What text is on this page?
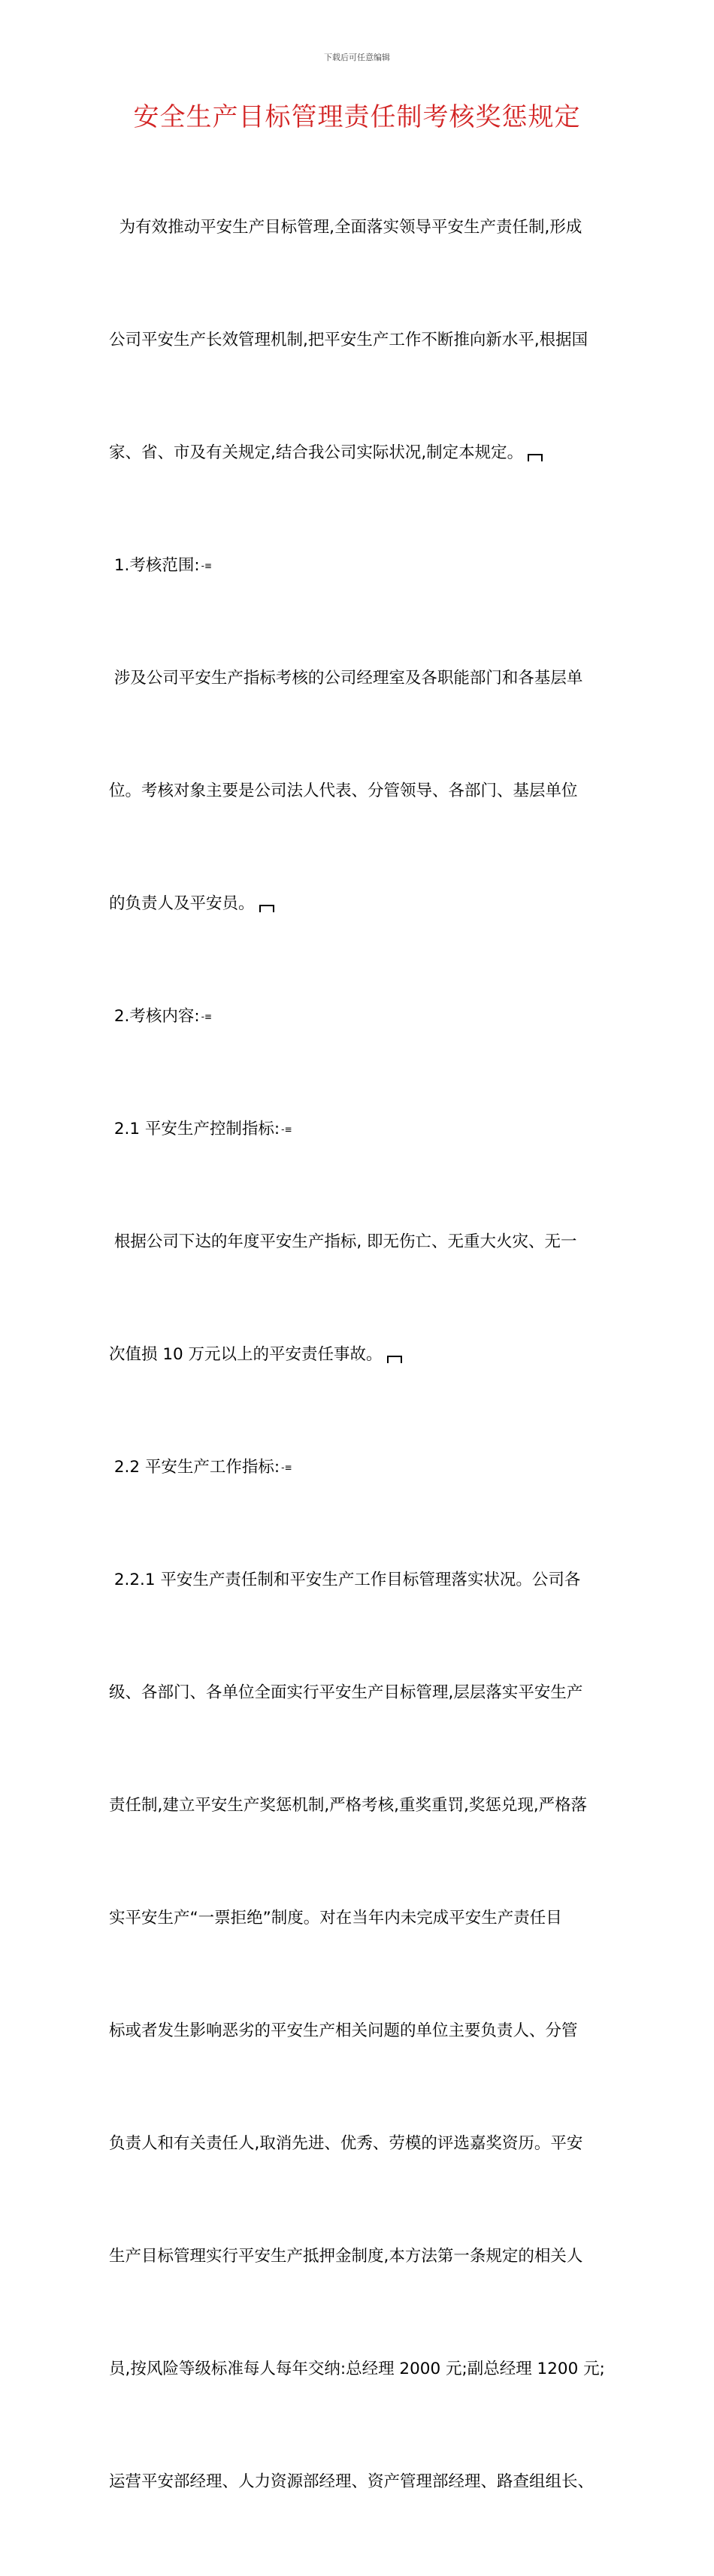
下载后可任意编辑
安全生产目标管理责任制考核奖惩规定

为有效推动平安生产目标管理,全面落实领导平安生产责任制,形成

公司平安生产长效管理机制,把平安生产工作不断推向新水平,根据国

家、省、市及有关规定,结合我公司实际状况,制定本规定。

1.考核范围: -≡

涉及公司平安生产指标考核的公司经理室及各职能部门和各基层单

位。考核对象主要是公司法人代表、分管领导、各部门、基层单位

的负责人及平安员。

2.考核内容: -≡

2.1 平安生产控制指标: -≡

根据公司下达的年度平安生产指标, 即无伤亡、无重大火灾、无一

次值损 10 万元以上的平安责任事故。

2.2 平安生产工作指标: -≡

2.2.1 平安生产责任制和平安生产工作目标管理落实状况。公司各

级、各部门、各单位全面实行平安生产目标管理,层层落实平安生产

责任制,建立平安生产奖惩机制,严格考核,重奖重罚,奖惩兑现,严格落

实平安生产“一票拒绝”制度。对在当年内未完成平安生产责任目

标或者发生影响恶劣的平安生产相关问题的单位主要负责人、分管

负责人和有关责任人,取消先进、优秀、劳模的评选嘉奖资历。平安

生产目标管理实行平安生产抵押金制度,本方法第一条规定的相关人

员,按风险等级标准每人每年交纳:总经理 2000 元;副总经理 1200 元;

运营平安部经理、人力资源部经理、资产管理部经理、路查组组长、
